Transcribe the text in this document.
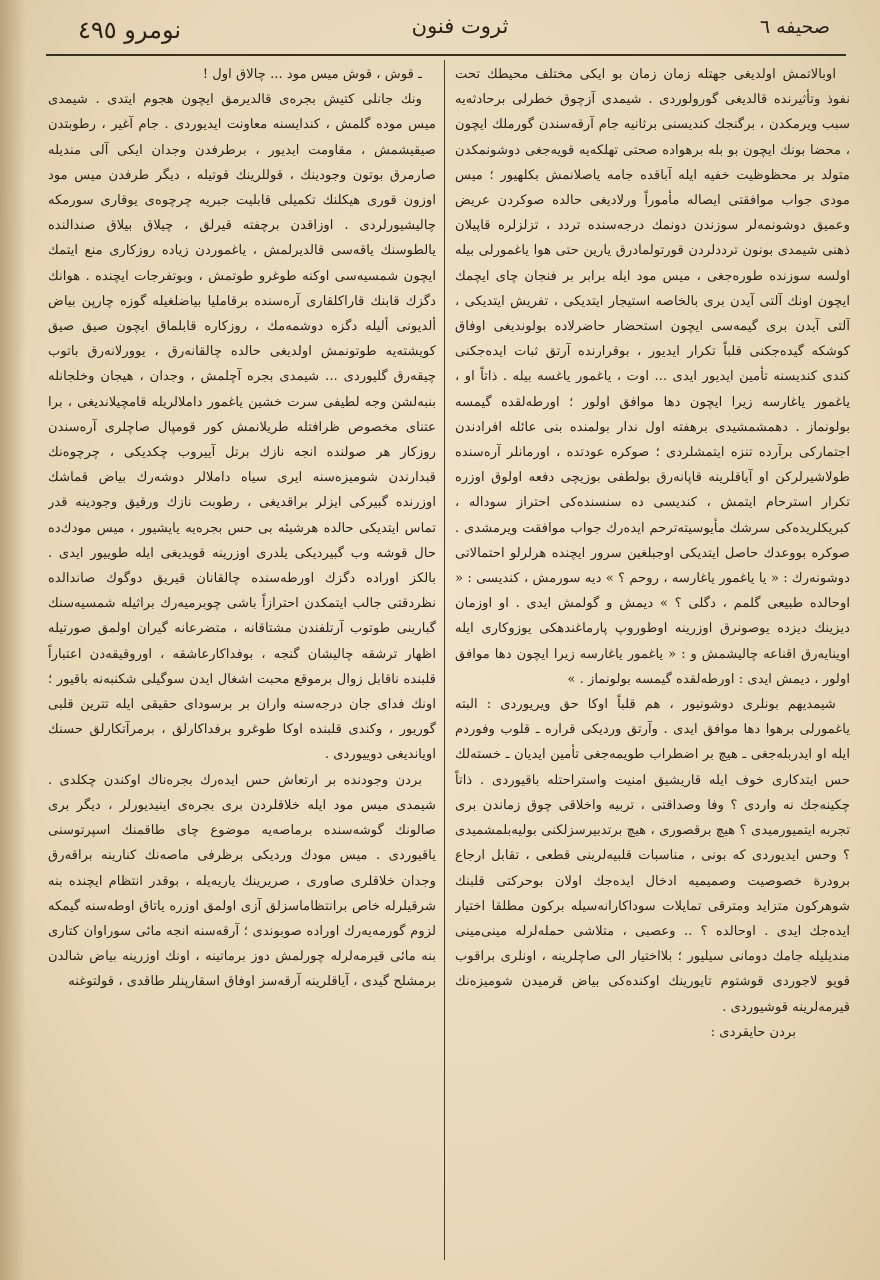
نومرو ٤٩٥	ثروت فنون	صحیفه ٦

اوبالاتمش اولدیغی جهتله زمان زمان بو ایکی مختلف محیطك تحت نفوذ وتأثیرنده قالدیغی گورولوردی . شیمدی آزچوق خطرلی برحادثه‌یه سبب ویرمکدن ، برگنجك کندیسنی برثانیه جام آرقه‌سندن گورملك ایچون ، محضا بونك ایچون بو بله برهواده صحتی تهلکه‌یه قویه‌جغی دوشونمکدن متولد بر محظوظیت خفیه ایله آباقده جامه یاصلانمش بکلهیور ؛ میس مودی جواب موافقتی ایصاله مأموراً ورلادیغی حالده صوکردن عریض وعمیق دوشونمه‌لر سوزندن دونمك درجه‌سنده تردد ، تزلزلره قاپیلان ذهنی شیمدی بونون ترددلردن قورتولمادرق یارین حتی هوا یاغمورلی بیله اولسه سوزنده طوره‌جغی ، میس مود ایله برابر بر فنجان چای ایچمك ایچون اونك آلتی آیدن بری بالخاصه استیجار ایتدیکی ، تفریش ایتدیکی ، آلتی آیدن بری گیمه‌سی ایچون استحضار حاضرلاده بولوندیغی اوفاق کوشکه گیده‌جکنی قلباً تکرار ایدیور ، بوقرارنده آرتق ثبات ایده‌جکنی کندی کندیسنه تأمین ایدیور ایدی ... اوت ، یاغمور یاغسه بیله . ذاتاً او ، یاغمور یاغارسه زیرا ایچون دها موافق اولور ؛ اورطه‌لقده گیمسه بولونماز . دهمشمشیدی برهفته اول ندار بولمنده بنی عائله افرادندن اجتمارکی برآرده تنزه ایتمشلردی ؛ صوکره عودتده ، اورمانلر آره‌سنده طولاشیرلرکن او آیاقلرینه قاپانه‌رق بولطفی بوزیچی دفعه اولوق اوزره تکرار استرحام ایتمش ، کندیسی ده سنسنده‌کی احتراز سوداله ، کبریکلریده‌کی سرشك مأیوسیته‌ترحم ایده‌رك جواب موافقت ویرمشدی . صوکره بووعدك حاصل ایتدیکی اوجبلغین سرور ایچنده هرلرلو احتمالاتی دوشونه‌رك : « یا یاغمور یاغارسه ، روحم ؟ » دیه سورمش ، کندیسی : « اوحالده طبیعی گلمم ، دگلی ؟ » دیمش و گولمش ایدی . او اوزمان دیزینك دیزده یوصو‌نرق اوزرینه اوطوروپ پارماغندهکی یوزوکاری ایله اوینایه‌رق اقناعه چالیشمش و : « یاغمور یاغارسه زیرا ایچون دها موافق اولور ، دیمش ایدی : اورطه‌لقده گیمسه بولونماز . »

شیمدیهم بونلری دوشونیور ، هم قلباً اوکا حق ویریوردی : البته یاغمورلی برهوا دها موافق ایدی . وآرتق وردیکی قراره ـ قلوب وفوردم ایله او ایدربله‌جغی ـ هیچ بر اضطراب طویمه‌جغی تأمین ایدیان ـ خسته‌لك حس ایتدکاری خوف ایله قاریشیق امنیت واستراحتله باقیوردی . ذاتاً چکینه‌جك نه واردی ؟ وفا وصداقتی ، تربیه واخلاقی چوق زماندن بری تجربه ایتمیورمیدی ؟ هیچ برقصوری ، هیچ برتدبیرسزلکنی بولیه‌بلمشمیدی ؟ وحس ایدیوردی که بونی ، مناسبات قلبیه‌لرینی قطعی ، تقابل ارجاع برودرة خصوصیت وصمیمیه ادخال ایده‌جك اولان بوحرکتی قلبنك شوهرکون متزاید ومترقی تمایلات سوداکارانه‌سیله برکون مطلقا اختیار ایده‌جك ایدی . اوحالده ؟ .. وعصبی ، متلاشی حمله‌لرله مینی‌مینی مندیلیله جامك دومانی سیلیور ؛ بلااختیار الی صاچلرینه ، اونلری براقوب قویو لاجوردی قوشتوم تایورینك اوکنده‌کی بیاض قرمیدن شومیزه‌نك قیرمه‌لرینه قوشیوردی .

بردن حایقردی :

ـ قوش ، قوش میس مود ... چالاق اول !

ونك جانلی کتیش بجره‌ی قالدیرمق ایچون هجوم ایتدی . شیمدی میس موده گلمش ، کندایسنه معاونت ایدیوردی . جام آغیر ، رطوبتدن صیقیشمش ، مقاومت ایدیور ، برطرفدن وجدان ایکی آلی مندیله صارمرق بوتون وجودینك ، قوللرینك قوتیله ، دیگر طرفدن میس مود اوزون قوری هیکلنك تکمیلی قابلیت جبریه چرچوه‌ی یوقاری سورمکه چالیشیورلردی . اوزاقدن برچفته قیرلق ، چیلاق بیلاق صندالنده یالطوسنك یاقه‌سی قالدیرلمش ، یاغموردن زیاده روزکاری منع ایتمك ایچون شمسیه‌سی اوکنه طوغرو طوتمش ، وبوتفرجات ایچنده . هوانك دگزك قابنك قاراکلقاری آره‌سنده برقاملیا بیاضلغیله گوزه چارپن بیاض ألدیونی ألیله دگزه دوشمه‌مك ، روزکاره قابلماق ایچون صیق صیق کویشته‌یه طوتونمش اولدیغی حالده چالقانه‌رق ، یوورلانه‌رق باتوب چیقه‌رق گلیوردی ... شیمدی بجره آچلمش ، وجدان ، هیجان وخلجانله بنبه‌لشن وجه لطیفی سرت خشین یاغمور داملالریله قامچیلاندیغی ، برا عتنای مخصوص ظرافتله طریلانمش کور قومپال صاچلری آره‌سندن روزکار هر صولنده انجه نازك برتل آییروب چکدیکی ، چرچوه‌نك قبدارندن شومیزه‌سنه ایری سیاه داملالر دوشه‌رك بیاض قماشك اوزرنده گبیرکی ایزلر براقدیغی ، رطوبت نازك ورقیق وجودینه قدر تماس ایتدیکی حالده هرشیئه بی حس بجره‌یه یایشیور ، میس مودك‌ده حال قوشه وب گبیردیکی یلدری اوزرینه قویدیغی ایله طوییور ایدی . بالکز اوراده دگزك اورطه‌سنده چالقانان قیریق دوگوك صاندالده نظردقتی جالب ایتمکدن احترازاً باشی چوبرمیه‌رك براثیله شمسیه‌سنك گبارینی طوتوب آرتلفندن مشتاقانه ، متضرعانه گیران اولمق صورتیله اظهار ترشقه چالیشان گنجه ، بوفداکارعاشقه ، اوروقیقه‌دن اعتباراً قلبنده ناقابل زوال برموقع محبت اشغال ایدن سوگیلی شکنبه‌نه باقیور ؛ اونك فدای جان درجه‌سنه واران بر برسودای حقیقی ایله تترین قلبی گوریور ، وکندی قلبنده اوکا طوغرو برفداکارلق ، برمرآتکارلق حسنك اویاندیغی دوییوردی .

بردن وجودنده بر ارتعاش حس ایده‌رك بجره‌ناك اوکندن چکلدی . شیمدی میس مود ایله خلاقلردن بری بجره‌ی اینیدیورلر ، دیگر بری صالونك گوشه‌سنده برماصه‌یه موضوع چای طاقمنك اسپرتوسنی یاقیوردی . میس مودك وردیکی برظرفی ماصه‌نك کنارینه براقه‌رق وجدان خلاقلری صاوری ، صریرینك یاریه‌یله ، بوقدر انتظام ایچنده بنه شرقیلرله خاص برانتظاماسزلق آزی اولمق اوزره یاتاق اوطه‌سنه گیمکه لزوم گورمه‌یه‌رك اوراده صوبوندی ؛ آرقه‌سنه انجه مائی سوراوان کتاری بنه مائی قیرمه‌لرله چورلمش دوز برماتینه ، اونك اوزرینه بیاض شالدن برمشلح گیدی ، آیاقلرینه آرقه‌سز اوفاق اسقارپنلر طاقدی ، قولتوغنه
